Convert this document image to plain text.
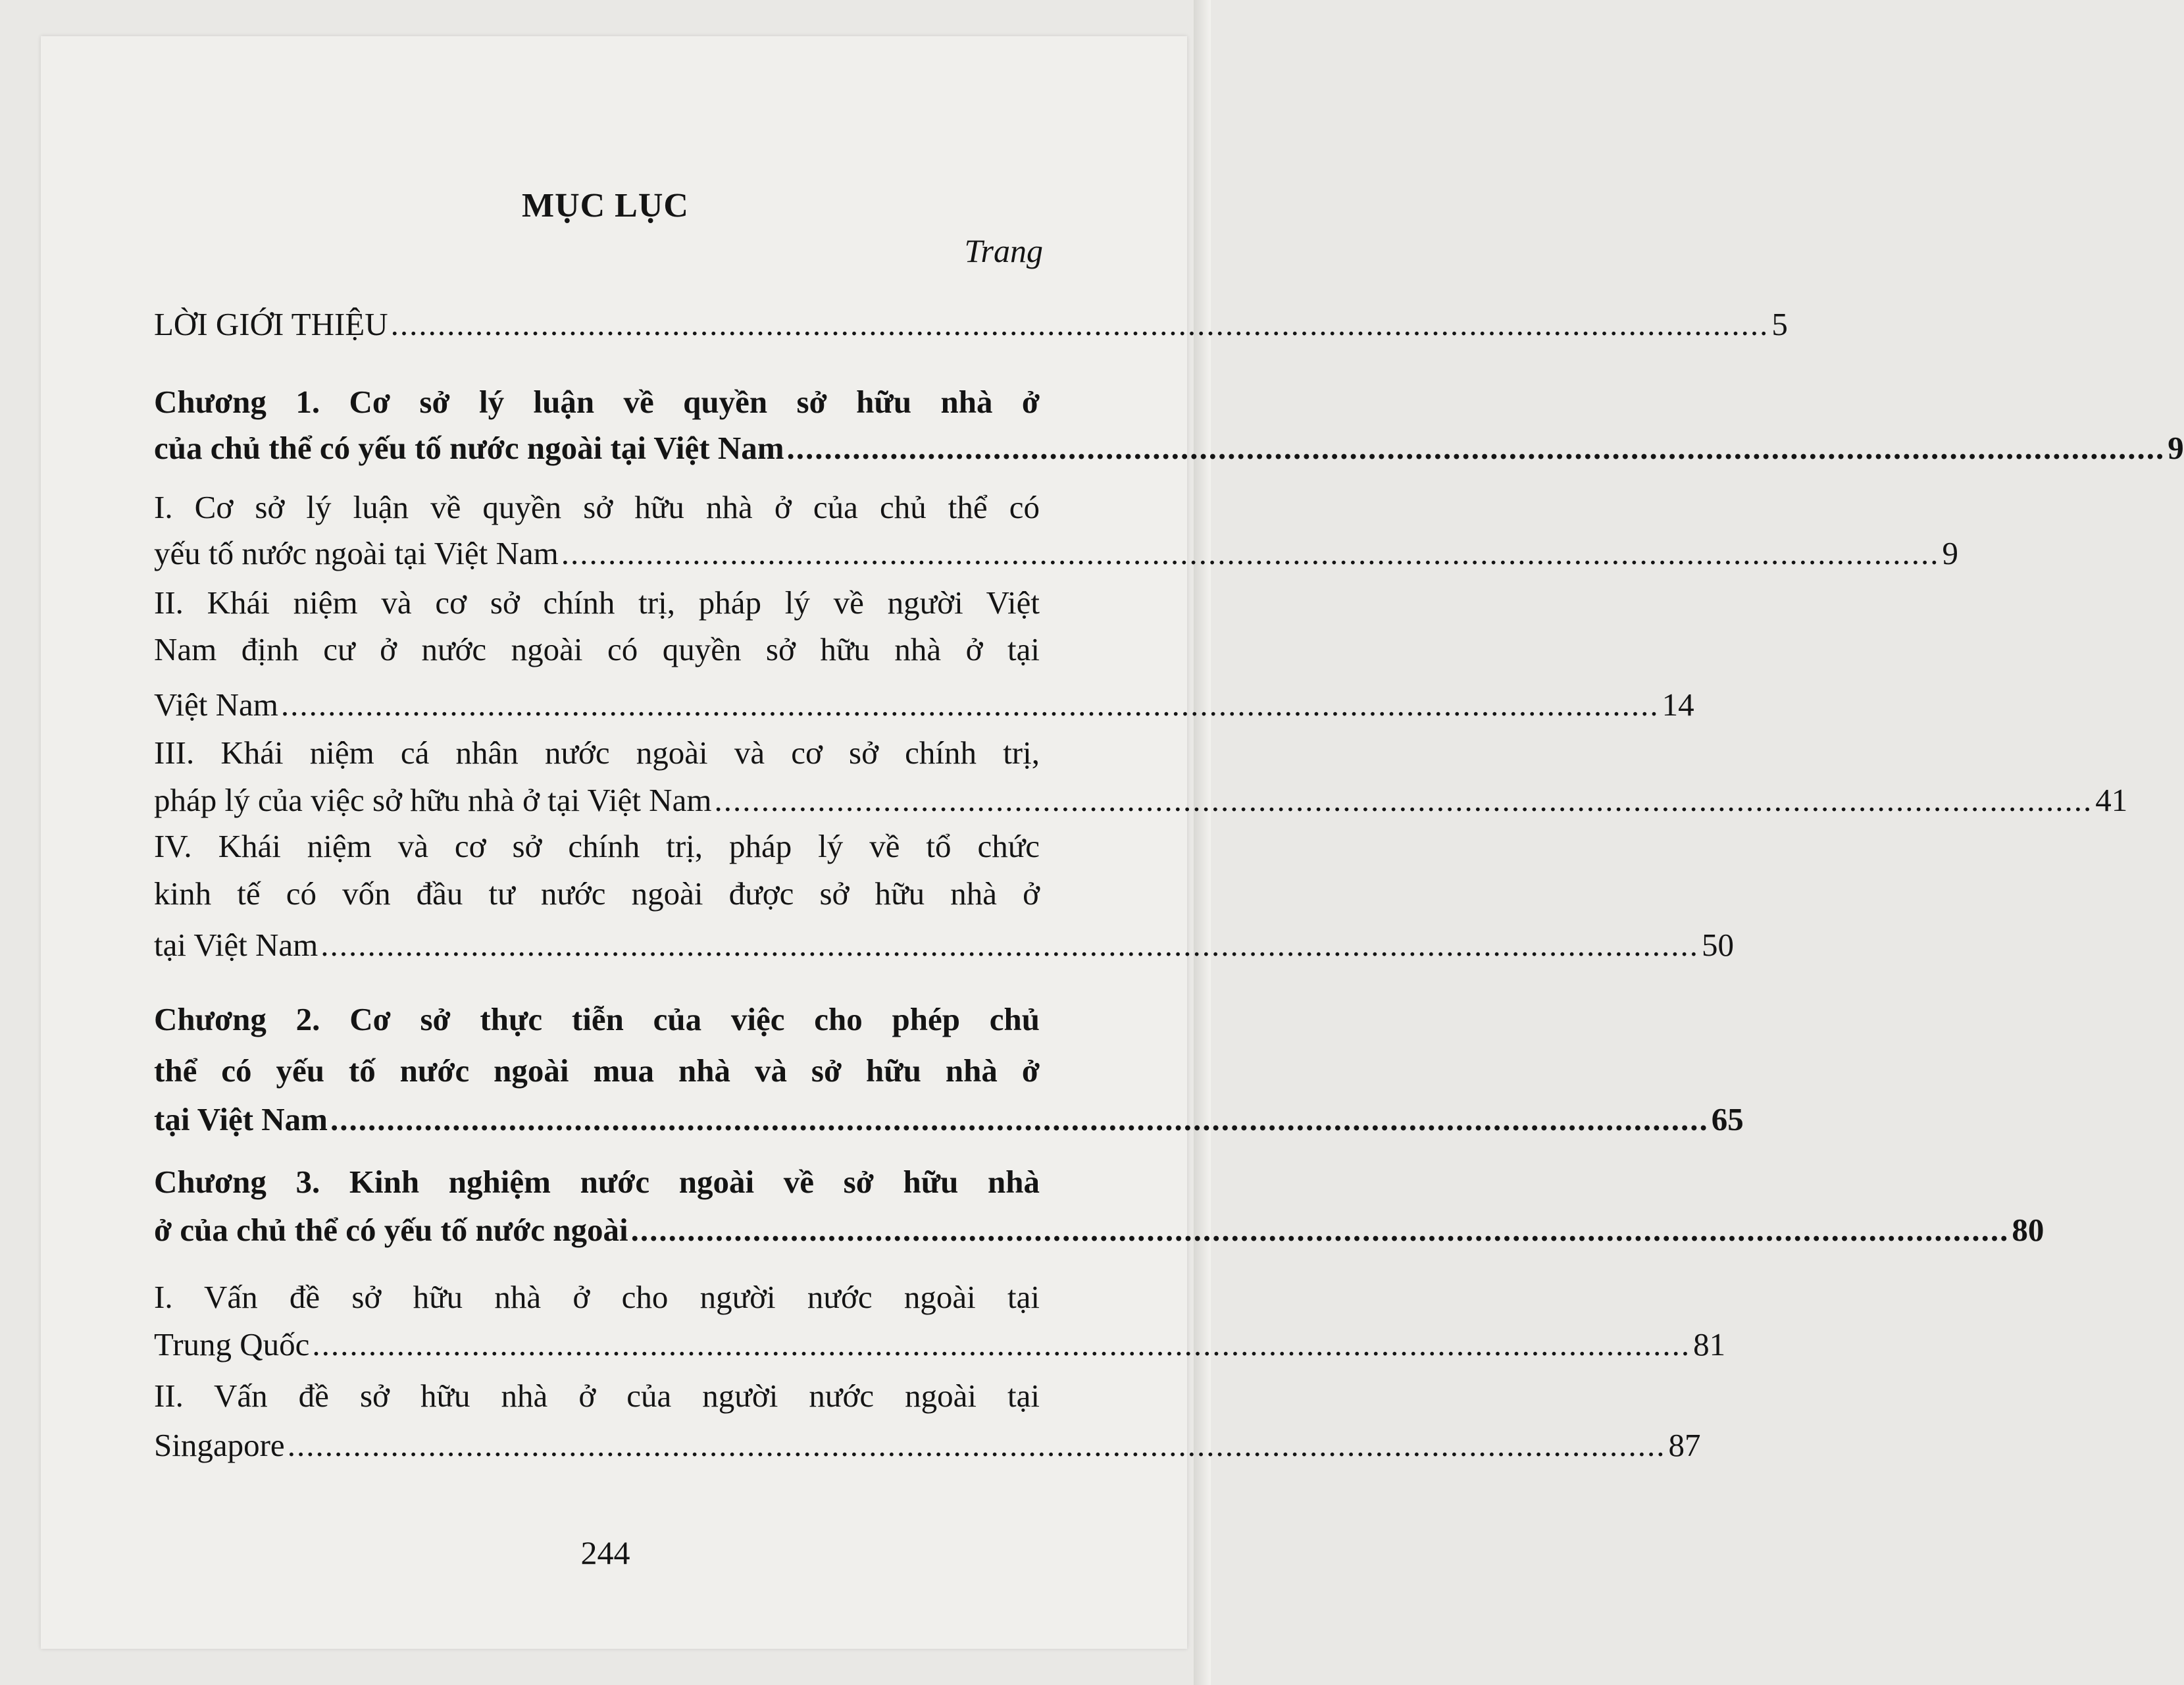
MỤC LỤC
Trang
LỜI GIỚI THIỆU ................................................................................................................................................... 5
Chương 1. Cơ sở lý luận về quyền sở hữu nhà ở
của chủ thể có yếu tố nước ngoài tại Việt Nam ................................................................................................................................................... 9
I. Cơ sở lý luận về quyền sở hữu nhà ở của chủ thể có
yếu tố nước ngoài tại Việt Nam ................................................................................................................................................... 9
II. Khái niệm và cơ sở chính trị, pháp lý về người Việt
Nam định cư ở nước ngoài có quyền sở hữu nhà ở tại
Việt Nam ................................................................................................................................................... 14
III. Khái niệm cá nhân nước ngoài và cơ sở chính trị,
pháp lý của việc sở hữu nhà ở tại Việt Nam ................................................................................................................................................... 41
IV. Khái niệm và cơ sở chính trị, pháp lý về tổ chức
kinh tế có vốn đầu tư nước ngoài được sở hữu nhà ở
tại Việt Nam ................................................................................................................................................... 50
Chương 2. Cơ sở thực tiễn của việc cho phép chủ
thể có yếu tố nước ngoài mua nhà và sở hữu nhà ở
tại Việt Nam ................................................................................................................................................... 65
Chương 3. Kinh nghiệm nước ngoài về sở hữu nhà
ở của chủ thể có yếu tố nước ngoài ................................................................................................................................................... 80
I. Vấn đề sở hữu nhà ở cho người nước ngoài tại
Trung Quốc ................................................................................................................................................... 81
II. Vấn đề sở hữu nhà ở của người nước ngoài tại
Singapore ................................................................................................................................................... 87
244
